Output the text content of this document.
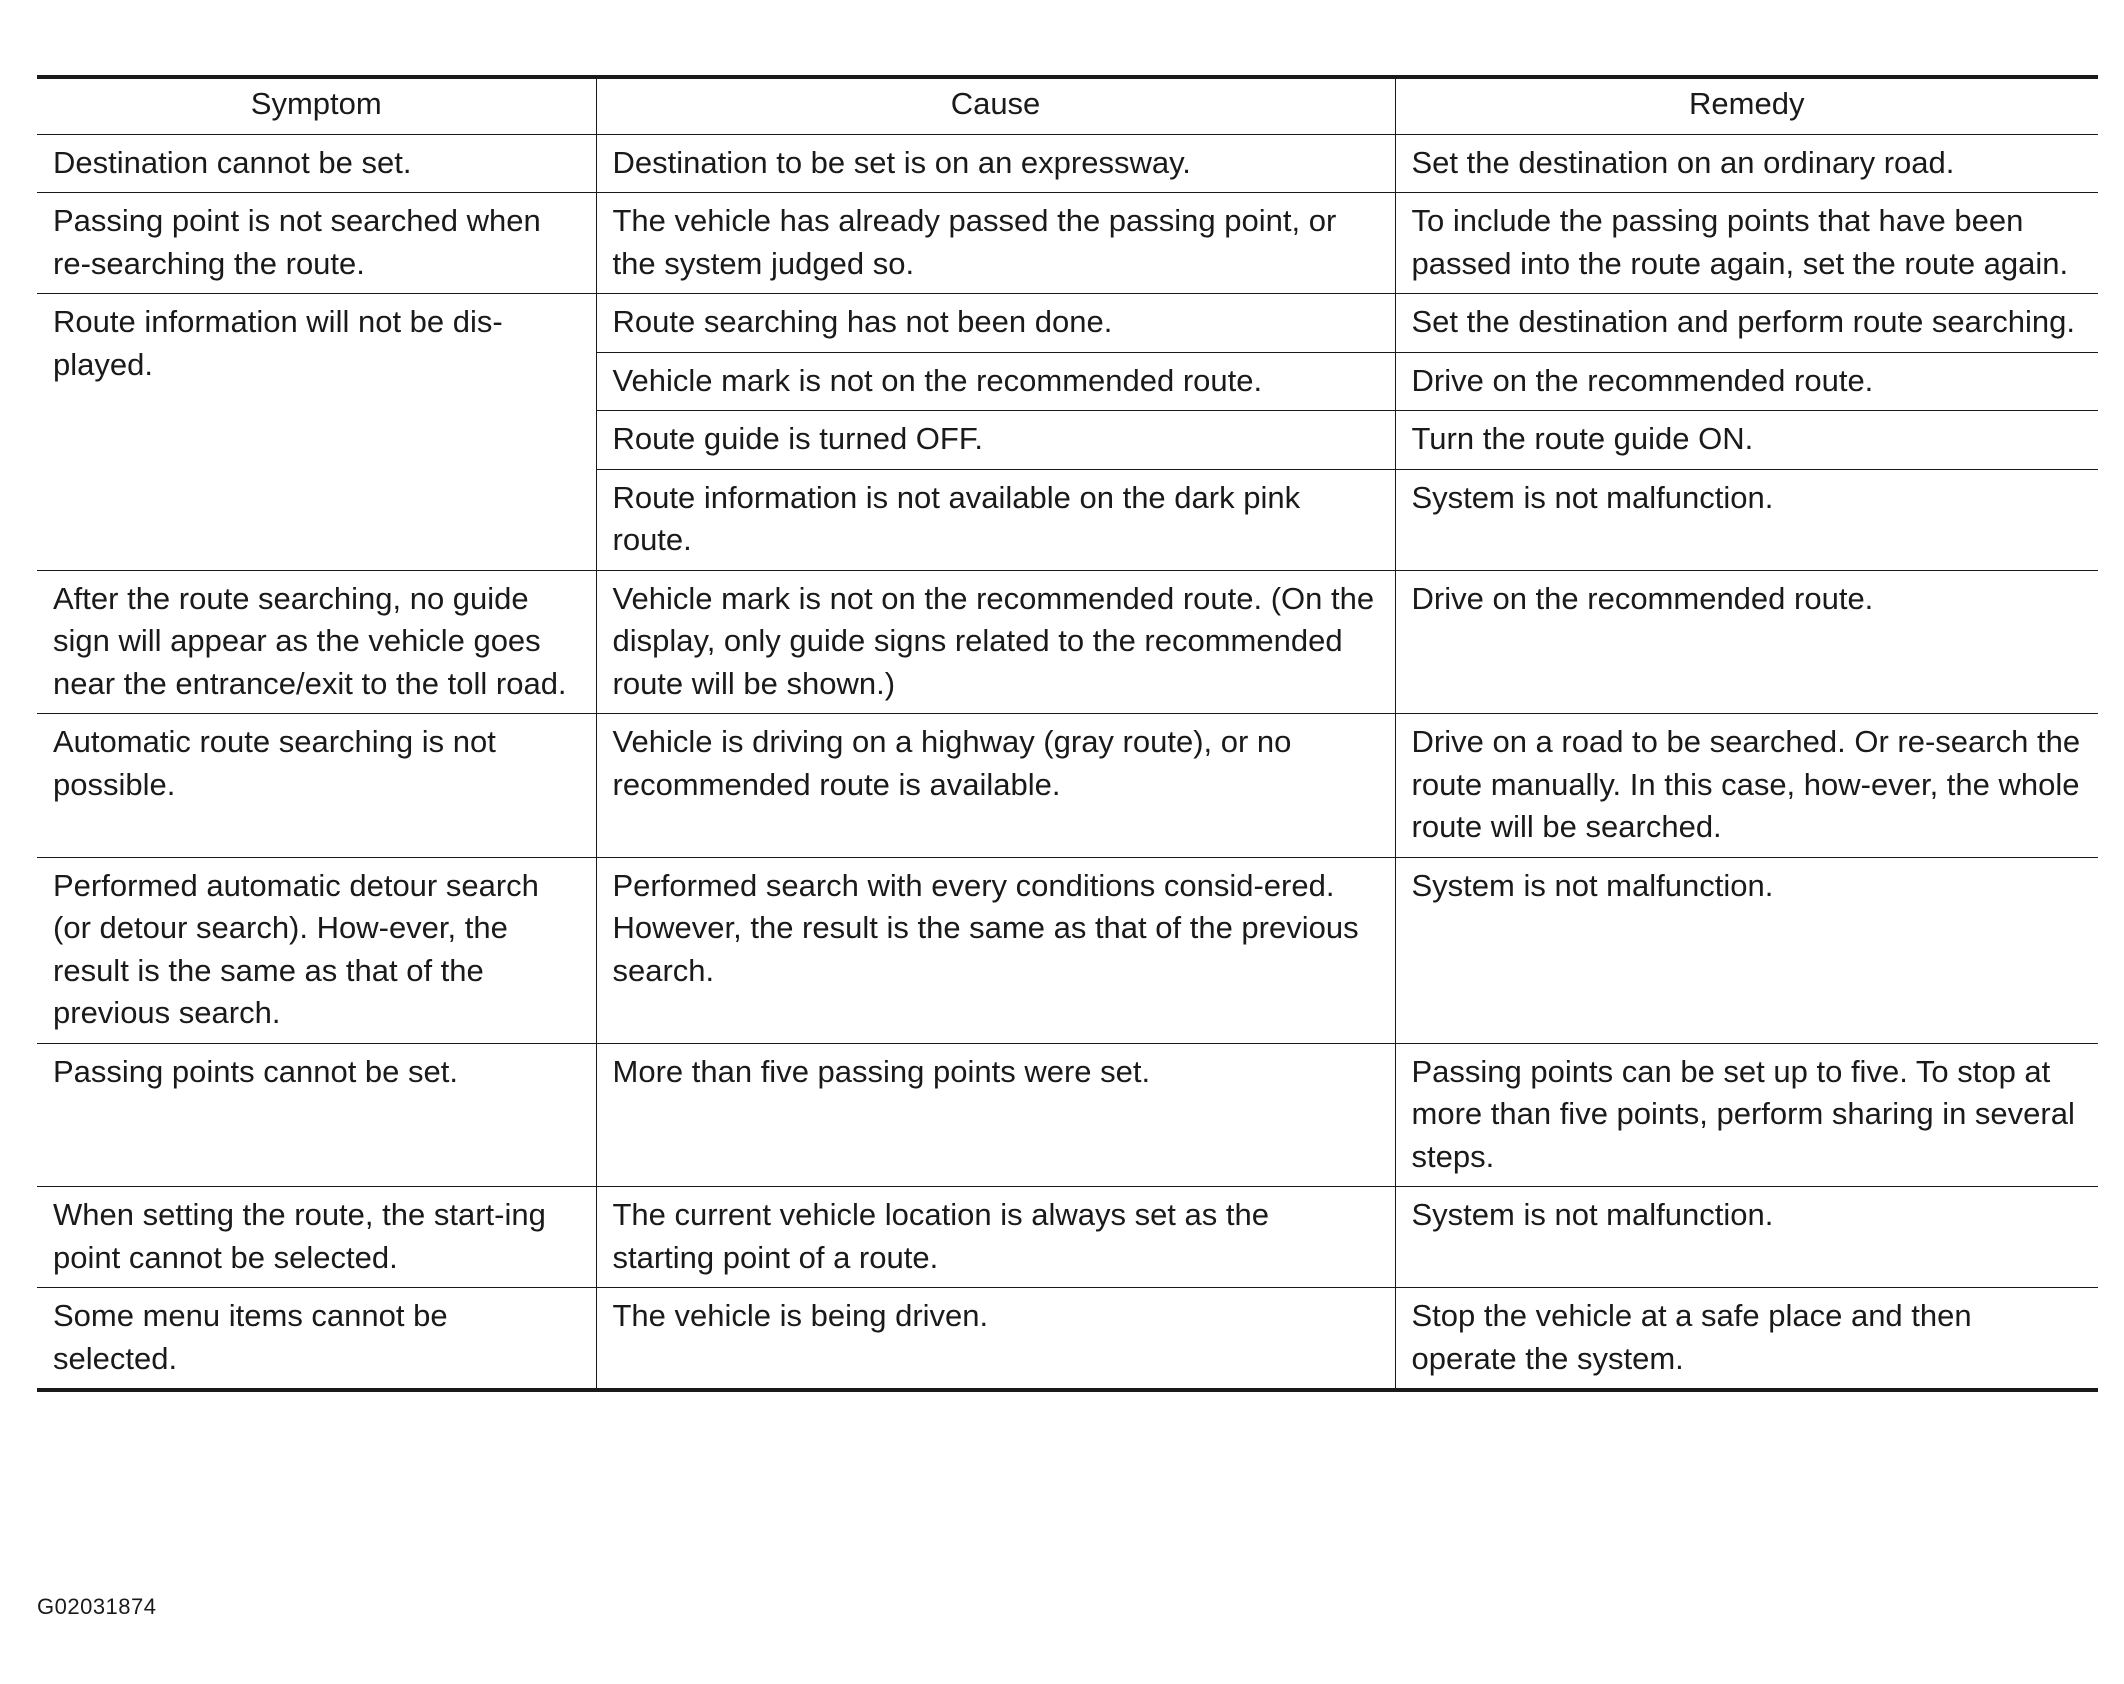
Symptom	Cause	Remedy
Destination cannot be set.	Destination to be set is on an expressway.	Set the destination on an ordinary road.
Passing point is not searched when re-searching the route.	The vehicle has already passed the passing point, or the system judged so.	To include the passing points that have been passed into the route again, set the route again.
Route information will not be dis-played.	Route searching has not been done.	Set the destination and perform route searching.
	Vehicle mark is not on the recommended route.	Drive on the recommended route.
	Route guide is turned OFF.	Turn the route guide ON.
	Route information is not available on the dark pink route.	System is not malfunction.
After the route searching, no guide sign will appear as the vehicle goes near the entrance/exit to the toll road.	Vehicle mark is not on the recommended route. (On the display, only guide signs related to the recommended route will be shown.)	Drive on the recommended route.
Automatic route searching is not possible.	Vehicle is driving on a highway (gray route), or no recommended route is available.	Drive on a road to be searched. Or re-search the route manually. In this case, how-ever, the whole route will be searched.
Performed automatic detour search (or detour search). How-ever, the result is the same as that of the previous search.	Performed search with every conditions consid-ered. However, the result is the same as that of the previous search.	System is not malfunction.
Passing points cannot be set.	More than five passing points were set.	Passing points can be set up to five. To stop at more than five points, perform sharing in several steps.
When setting the route, the start-ing point cannot be selected.	The current vehicle location is always set as the starting point of a route.	System is not malfunction.
Some menu items cannot be selected.	The vehicle is being driven.	Stop the vehicle at a safe place and then operate the system.
G02031874
